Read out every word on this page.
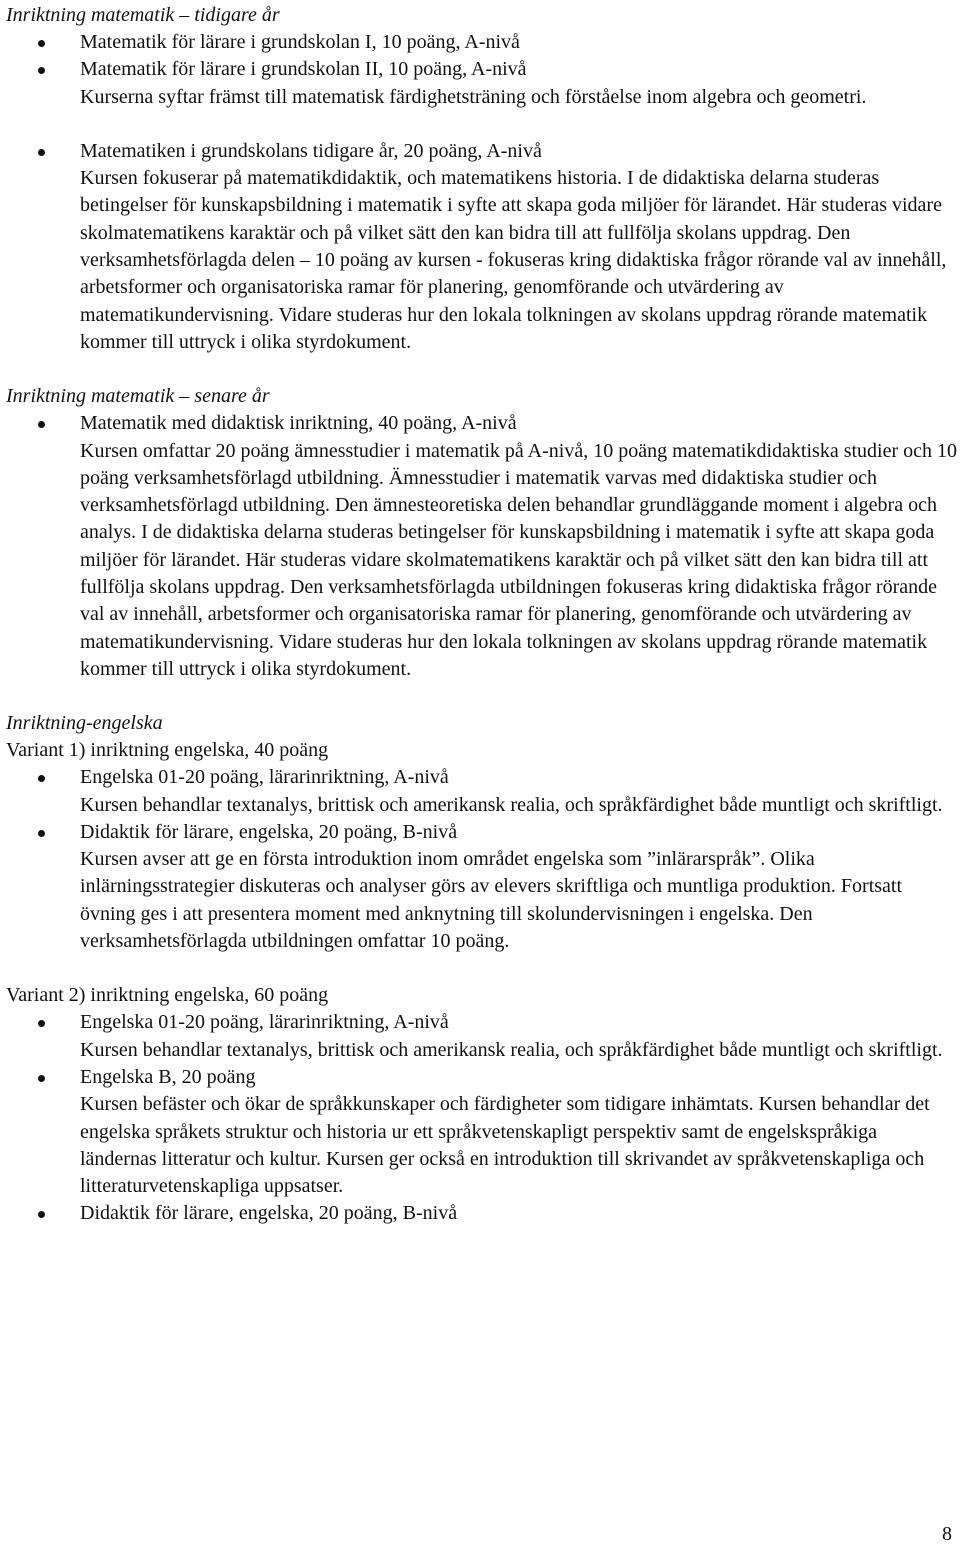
Inriktning matematik – tidigare år

Matematik för lärare i grundskolan I, 10 poäng, A-nivå
Matematik för lärare i grundskolan II, 10 poäng, A-nivå
Kurserna syftar främst till matematisk färdighetsträning och förståelse inom algebra och geometri.
Matematiken i grundskolans tidigare år, 20 poäng, A-nivå
Kursen fokuserar på matematikdidaktik, och matematikens historia. I de didaktiska delarna studeras betingelser för kunskapsbildning i matematik i syfte att skapa goda miljöer för lärandet. Här studeras vidare skolmatematikens karaktär och på vilket sätt den kan bidra till att fullfölja skolans uppdrag. Den verksamhetsförlagda delen – 10 poäng av kursen - fokuseras kring didaktiska frågor rörande val av innehåll, arbetsformer och organisatoriska ramar för planering, genomförande och utvärdering av matematikundervisning. Vidare studeras hur den lokala tolkningen av skolans uppdrag rörande matematik kommer till uttryck i olika styrdokument.

Inriktning matematik – senare år

Matematik med didaktisk inriktning, 40 poäng, A-nivå
Kursen omfattar 20 poäng ämnesstudier i matematik på A-nivå, 10 poäng matematikdidaktiska studier och 10 poäng verksamhetsförlagd utbildning. Ämnesstudier i matematik varvas med didaktiska studier och verksamhetsförlagd utbildning. Den ämnesteoretiska delen behandlar grundläggande moment i algebra och analys. I de didaktiska delarna studeras betingelser för kunskapsbildning i matematik i syfte att skapa goda miljöer för lärandet. Här studeras vidare skolmatematikens karaktär och på vilket sätt den kan bidra till att fullfölja skolans uppdrag. Den verksamhetsförlagda utbildningen fokuseras kring didaktiska frågor rörande val av innehåll, arbetsformer och organisatoriska ramar för planering, genomförande och utvärdering av matematikundervisning. Vidare studeras hur den lokala tolkningen av skolans uppdrag rörande matematik kommer till uttryck i olika styrdokument.

Inriktning-engelska

Variant 1) inriktning engelska, 40 poäng

Engelska 01-20 poäng, lärarinriktning, A-nivå
Kursen behandlar textanalys, brittisk och amerikansk realia, och språkfärdighet både muntligt och skriftligt.
Didaktik för lärare, engelska, 20 poäng, B-nivå
Kursen avser att ge en första introduktion inom området engelska som ”inlärarspråk”. Olika inlärningsstrategier diskuteras och analyser görs av elevers skriftliga och muntliga produktion. Fortsatt övning ges i att presentera moment med anknytning till skolundervisningen i engelska. Den verksamhetsförlagda utbildningen omfattar 10 poäng.

Variant 2) inriktning engelska, 60 poäng

Engelska 01-20 poäng, lärarinriktning, A-nivå
Kursen behandlar textanalys, brittisk och amerikansk realia, och språkfärdighet både muntligt och skriftligt.
Engelska B, 20 poäng
Kursen befäster och ökar de språkkunskaper och färdigheter som tidigare inhämtats. Kursen behandlar det engelska språkets struktur och historia ur ett språkvetenskapligt perspektiv samt de engelskspråkiga ländernas litteratur och kultur. Kursen ger också en introduktion till skrivandet av språkvetenskapliga och litteraturvetenskapliga uppsatser.
Didaktik för lärare, engelska, 20 poäng, B-nivå
8
